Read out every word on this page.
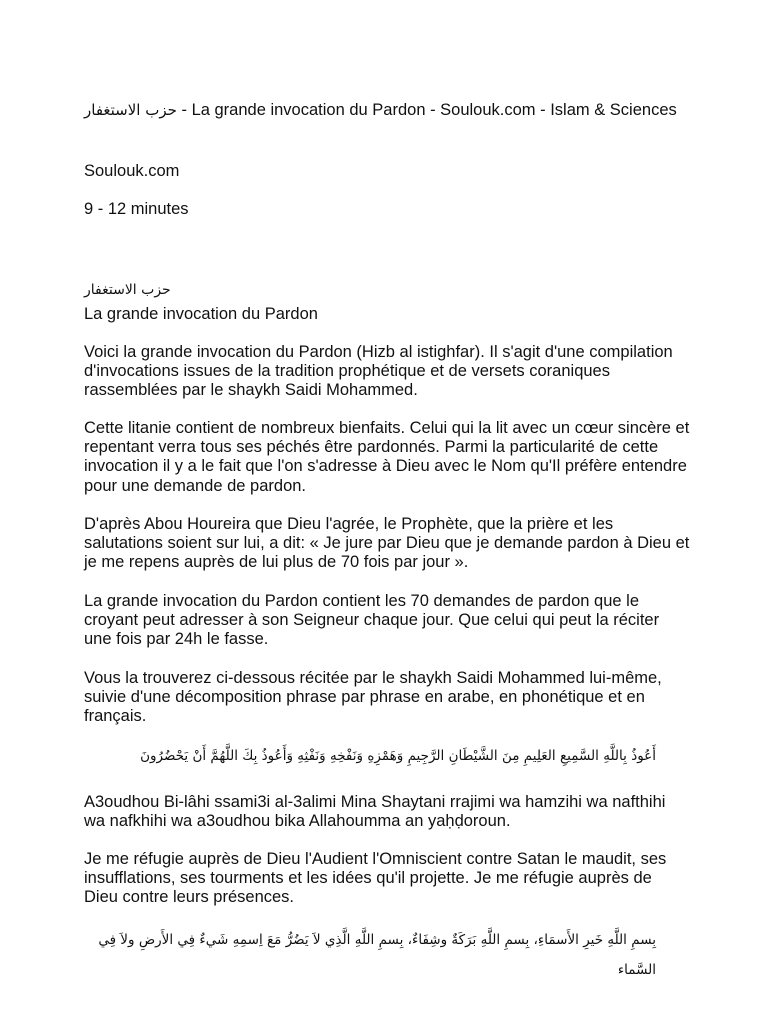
حزب الاستغفار - La grande invocation du Pardon - Soulouk.com - Islam & Sciences

Soulouk.com

9 - 12 minutes

حزب الاستغفار

La grande invocation du Pardon

Voici la grande invocation du Pardon (Hizb al istighfar). Il s'agit d'une compilation d'invocations issues de la tradition prophétique et de versets coraniques rassemblées par le shaykh Saidi Mohammed.

Cette litanie contient de nombreux bienfaits. Celui qui la lit avec un cœur sincère et repentant verra tous ses péchés être pardonnés. Parmi la particularité de cette invocation il y a le fait que l'on s'adresse à Dieu avec le Nom qu'Il préfère entendre pour une demande de pardon.

D'après Abou Houreira que Dieu l'agrée, le Prophète, que la prière et les salutations soient sur lui, a dit: « Je jure par Dieu que je demande pardon à Dieu et je me repens auprès de lui plus de 70 fois par jour ».

La grande invocation du Pardon contient les 70 demandes de pardon que le croyant peut adresser à son Seigneur chaque jour. Que celui qui peut la réciter une fois par 24h le fasse.

Vous la trouverez ci-dessous récitée par le shaykh Saidi Mohammed lui-même, suivie d'une décomposition phrase par phrase en arabe, en phonétique et en français.

أَعُوذُ بِاللَّهِ السَّمِيعِ العَلِيمِ مِنَ الشَّيْطَانِ الرَّجِيمِ وَهَمْزِهِ وَنَفْخِهِ وَنَفْثِهِ وَأَعُوذُ بِكَ اللَّهُمَّ أَنْ يَحْضُرُونَ

A3oudhou Bi-lâhi ssami3i al-3alimi Mina Shaytani rrajimi wa hamzihi wa nafthihi wa nafkhihi wa a3oudhou bika Allahoumma an yaḥḍoroun.

Je me réfugie auprès de Dieu l'Audient l'Omniscient contre Satan le maudit, ses insufflations, ses tourments et les idées qu'il projette. Je me réfugie auprès de Dieu contre leurs présences.

بِسمِ اللَّهِ خَيرِ الأَسمَاءِ، بِسمِ اللَّهِ بَرَكَةٌ وشِفَاءٌ، بِسمِ اللَّهِ الَّذِي لاَ يَضُرُّ مَعَ اِسمِهِ شَيءٌ فِي الأَرضِ ولاَ فِي السَّماء
